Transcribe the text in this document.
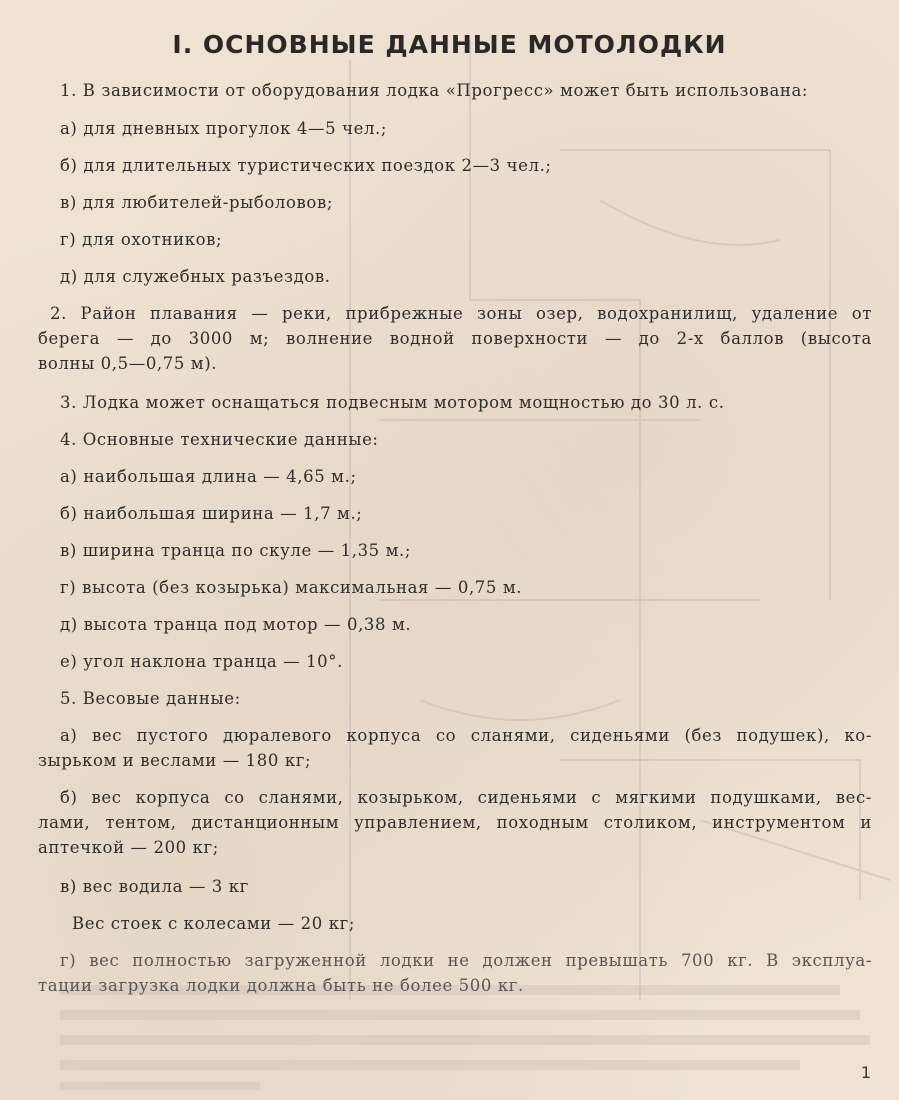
I. ОСНОВНЫЕ ДАННЫЕ МОТОЛОДКИ
1. В зависимости от оборудования лодка «Прогресс» может быть использована:
а) для дневных прогулок 4—5 чел.;
б) для длительных туристических поездок 2—3 чел.;
в) для любителей-рыболовов;
г) для охотников;
д) для служебных разъездов.
2. Район плавания — реки, прибрежные зоны озер, водохранилищ, удаление от
берега — до 3000 м; волнение водной поверхности — до 2-х баллов (высота
волны 0,5—0,75 м).
3. Лодка может оснащаться подвесным мотором мощностью до 30 л. с.
4. Основные технические данные:
а) наибольшая длина — 4,65 м.;
б) наибольшая ширина — 1,7 м.;
в) ширина транца по скуле — 1,35 м.;
г) высота (без козырька) максимальная — 0,75 м.
д) высота транца под мотор — 0,38 м.
е) угол наклона транца — 10°.
5. Весовые данные:
а) вес пустого дюралевого корпуса со сланями, сиденьями (без подушек), ко-
зырьком и веслами — 180 кг;
б) вес корпуса со сланями, козырьком, сиденьями с мягкими подушками, вес-
лами, тентом, дистанционным управлением, походным столиком, инструментом и
аптечкой — 200 кг;
в) вес водила — 3 кг
Вес стоек с колесами — 20 кг;
г) вес полностью загруженной лодки не должен превышать 700 кг. В эксплуа-
тации загрузка лодки должна быть не более 500 кг.
1
